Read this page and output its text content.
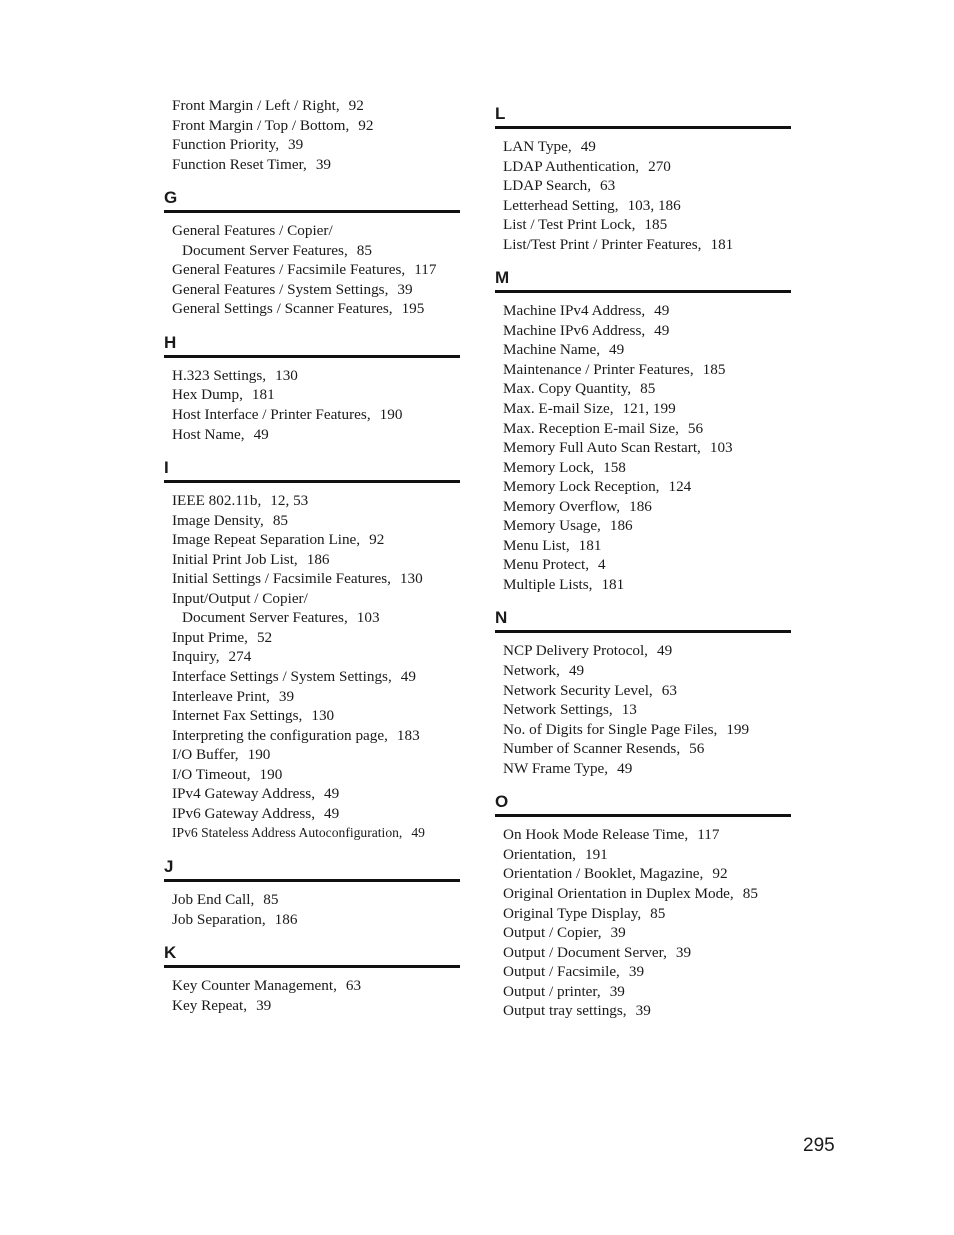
Front Margin / Left / Right, 92
Front Margin / Top / Bottom, 92
Function Priority, 39
Function Reset Timer, 39
G
General Features / Copier/
Document Server Features, 85
General Features / Facsimile Features, 117
General Features / System Settings, 39
General Settings / Scanner Features, 195
H
H.323 Settings, 130
Hex Dump, 181
Host Interface / Printer Features, 190
Host Name, 49
I
IEEE 802.11b, 12, 53
Image Density, 85
Image Repeat Separation Line, 92
Initial Print Job List, 186
Initial Settings / Facsimile Features, 130
Input/Output / Copier/
Document Server Features, 103
Input Prime, 52
Inquiry, 274
Interface Settings / System Settings, 49
Interleave Print, 39
Internet Fax Settings, 130
Interpreting the configuration page, 183
I/O Buffer, 190
I/O Timeout, 190
IPv4 Gateway Address, 49
IPv6 Gateway Address, 49
IPv6 Stateless Address Autoconfiguration, 49
J
Job End Call, 85
Job Separation, 186
K
Key Counter Management, 63
Key Repeat, 39
L
LAN Type, 49
LDAP Authentication, 270
LDAP Search, 63
Letterhead Setting, 103, 186
List / Test Print Lock, 185
List/Test Print / Printer Features, 181
M
Machine IPv4 Address, 49
Machine IPv6 Address, 49
Machine Name, 49
Maintenance / Printer Features, 185
Max. Copy Quantity, 85
Max. E-mail Size, 121, 199
Max. Reception E-mail Size, 56
Memory Full Auto Scan Restart, 103
Memory Lock, 158
Memory Lock Reception, 124
Memory Overflow, 186
Memory Usage, 186
Menu List, 181
Menu Protect, 4
Multiple Lists, 181
N
NCP Delivery Protocol, 49
Network, 49
Network Security Level, 63
Network Settings, 13
No. of Digits for Single Page Files, 199
Number of Scanner Resends, 56
NW Frame Type, 49
O
On Hook Mode Release Time, 117
Orientation, 191
Orientation / Booklet, Magazine, 92
Original Orientation in Duplex Mode, 85
Original Type Display, 85
Output / Copier, 39
Output / Document Server, 39
Output / Facsimile, 39
Output / printer, 39
Output tray settings, 39
295
